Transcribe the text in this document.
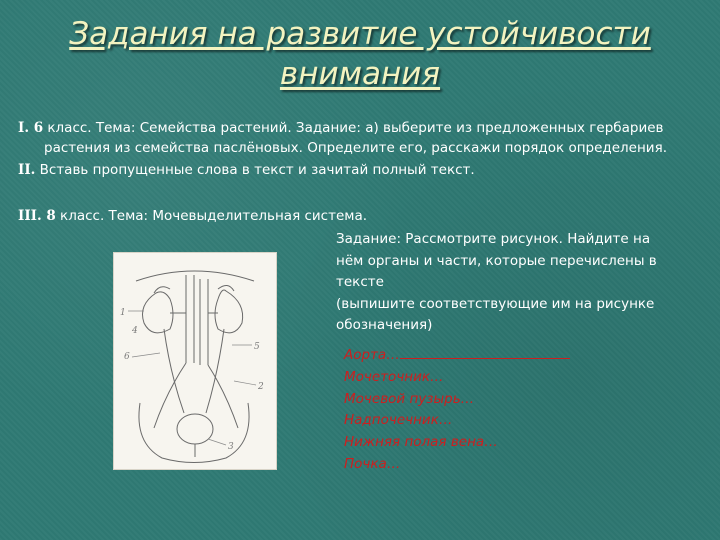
Задания на развитие устойчивости внимания
I. 6 класс. Тема: Семейства растений. Задание: а) выберите из предложенных гербариев
растения из семейства паслёновых. Определите его, расскажи порядок определения.
II. Вставь пропущенные слова в текст и зачитай полный текст.
III. 8 класс. Тема: Мочевыделительная система.
1
4
5
6
2
3
Задание: Рассмотрите рисунок. Найдите на
нём органы и части, которые перечислены в
тексте
(выпишите соответствующие им на рисунке
обозначения)
Аорта…
Мочеточник…
Мочевой пузырь…
Надпочечник…
Нижняя полая вена…
Почка…
